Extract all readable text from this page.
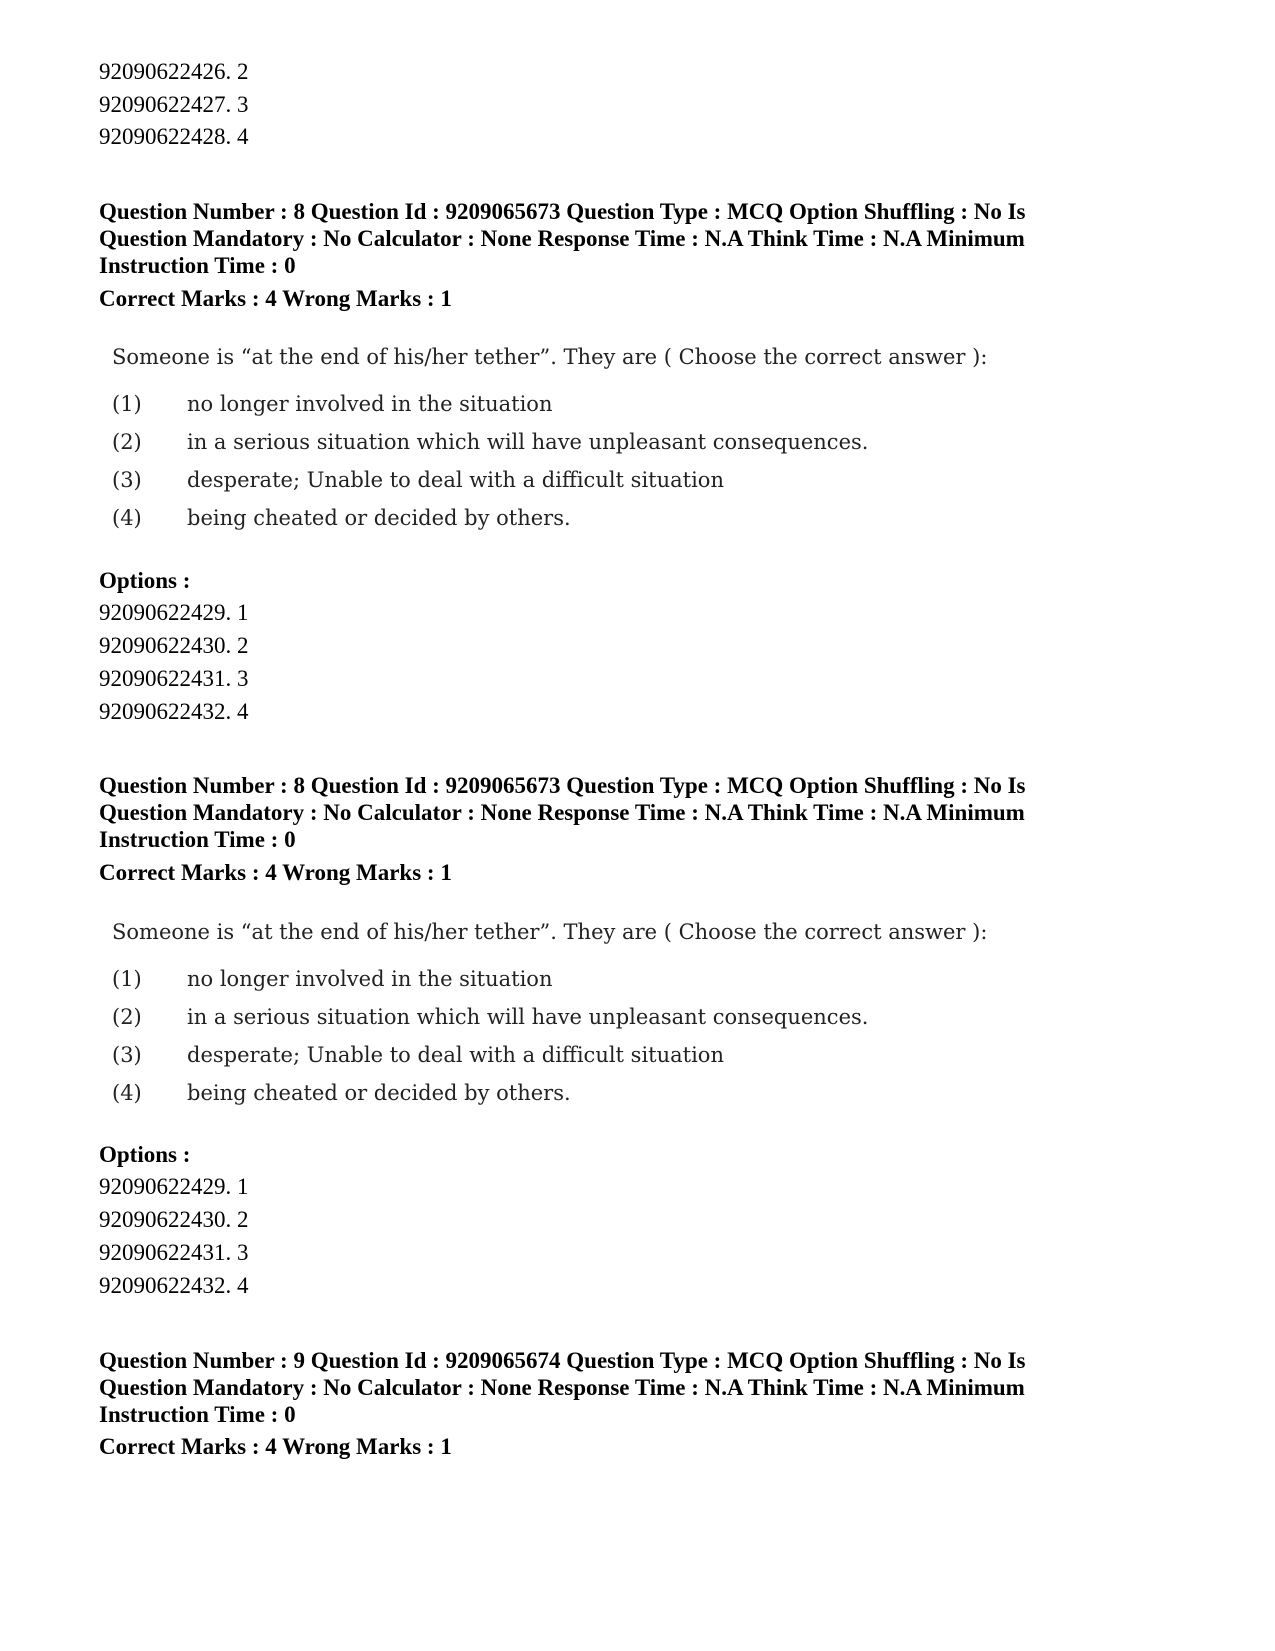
92090622426. 2
92090622427. 3
92090622428. 4
Question Number : 8 Question Id : 9209065673 Question Type : MCQ Option Shuffling : No Is
Question Mandatory : No Calculator : None Response Time : N.A Think Time : N.A Minimum
Instruction Time : 0
Correct Marks : 4 Wrong Marks : 1
Someone is “at the end of his/her tether”. They are ( Choose the correct answer ):
(1) no longer involved in the situation
(2) in a serious situation which will have unpleasant consequences.
(3) desperate; Unable to deal with a difficult situation
(4) being cheated or decided by others.
Options :
92090622429. 1
92090622430. 2
92090622431. 3
92090622432. 4
Question Number : 8 Question Id : 9209065673 Question Type : MCQ Option Shuffling : No Is
Question Mandatory : No Calculator : None Response Time : N.A Think Time : N.A Minimum
Instruction Time : 0
Correct Marks : 4 Wrong Marks : 1
Someone is “at the end of his/her tether”. They are ( Choose the correct answer ):
(1) no longer involved in the situation
(2) in a serious situation which will have unpleasant consequences.
(3) desperate; Unable to deal with a difficult situation
(4) being cheated or decided by others.
Options :
92090622429. 1
92090622430. 2
92090622431. 3
92090622432. 4
Question Number : 9 Question Id : 9209065674 Question Type : MCQ Option Shuffling : No Is
Question Mandatory : No Calculator : None Response Time : N.A Think Time : N.A Minimum
Instruction Time : 0
Correct Marks : 4 Wrong Marks : 1
